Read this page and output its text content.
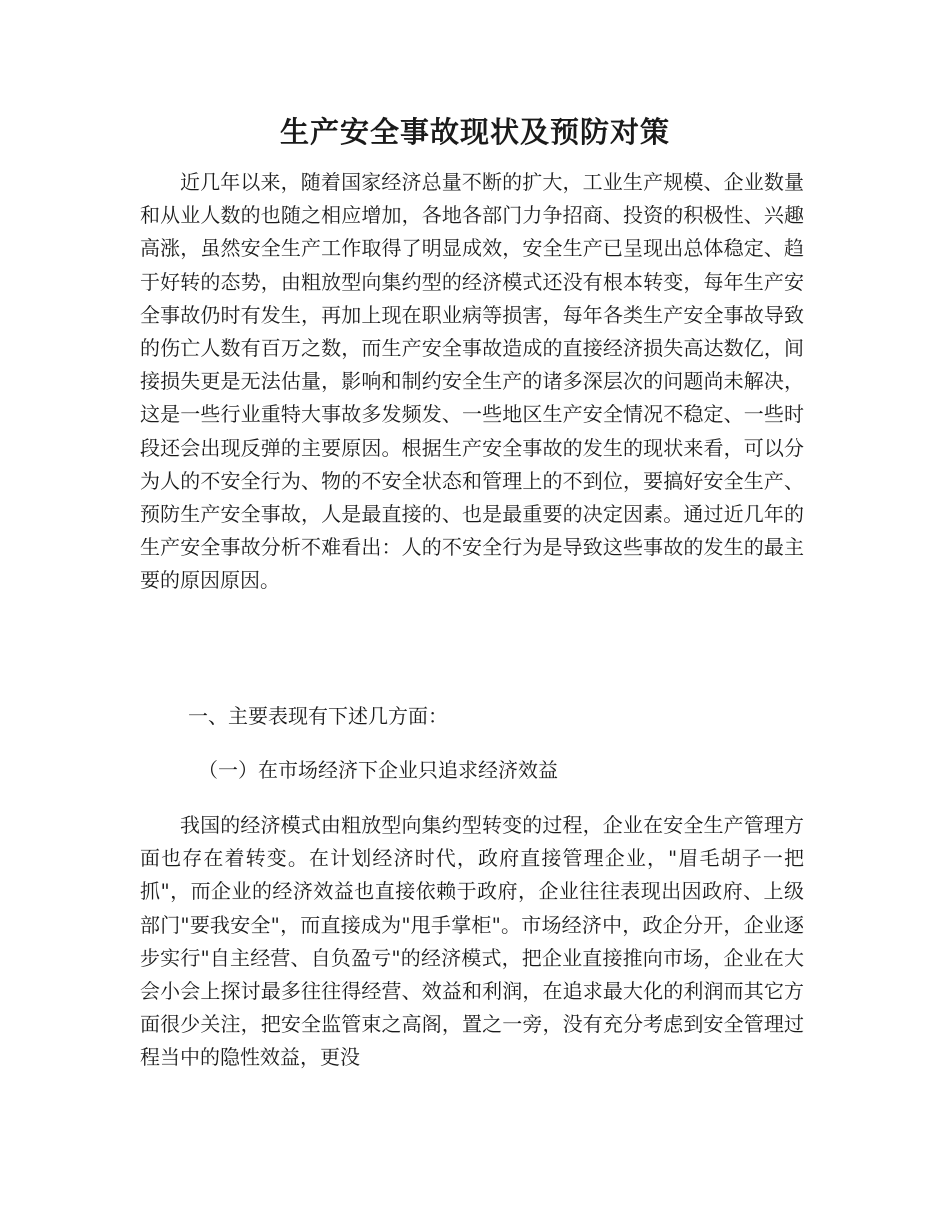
生产安全事故现状及预防对策

近几年以来，随着国家经济总量不断的扩大，工业生产规模、企业数量和从业人数的也随之相应增加，各地各部门力争招商、投资的积极性、兴趣高涨，虽然安全生产工作取得了明显成效，安全生产已呈现出总体稳定、趋于好转的态势，由粗放型向集约型的经济模式还没有根本转变，每年生产安全事故仍时有发生，再加上现在职业病等损害，每年各类生产安全事故导致的伤亡人数有百万之数，而生产安全事故造成的直接经济损失高达数亿，间接损失更是无法估量，影响和制约安全生产的诸多深层次的问题尚未解决，这是一些行业重特大事故多发频发、一些地区生产安全情况不稳定、一些时段还会出现反弹的主要原因。根据生产安全事故的发生的现状来看，可以分为人的不安全行为、物的不安全状态和管理上的不到位，要搞好安全生产、预防生产安全事故，人是最直接的、也是最重要的决定因素。通过近几年的生产安全事故分析不难看出：人的不安全行为是导致这些事故的发生的最主要的原因原因。

一、主要表现有下述几方面：

（一）在市场经济下企业只追求经济效益

我国的经济模式由粗放型向集约型转变的过程，企业在安全生产管理方面也存在着转变。在计划经济时代，政府直接管理企业，"眉毛胡子一把抓"，而企业的经济效益也直接依赖于政府，企业往往表现出因政府、上级部门"要我安全"，而直接成为"甩手掌柜"。市场经济中，政企分开，企业逐步实行"自主经营、自负盈亏"的经济模式，把企业直接推向市场，企业在大会小会上探讨最多往往得经营、效益和利润，在追求最大化的利润而其它方面很少关注，把安全监管束之高阁，置之一旁，没有充分考虑到安全管理过程当中的隐性效益，更没
